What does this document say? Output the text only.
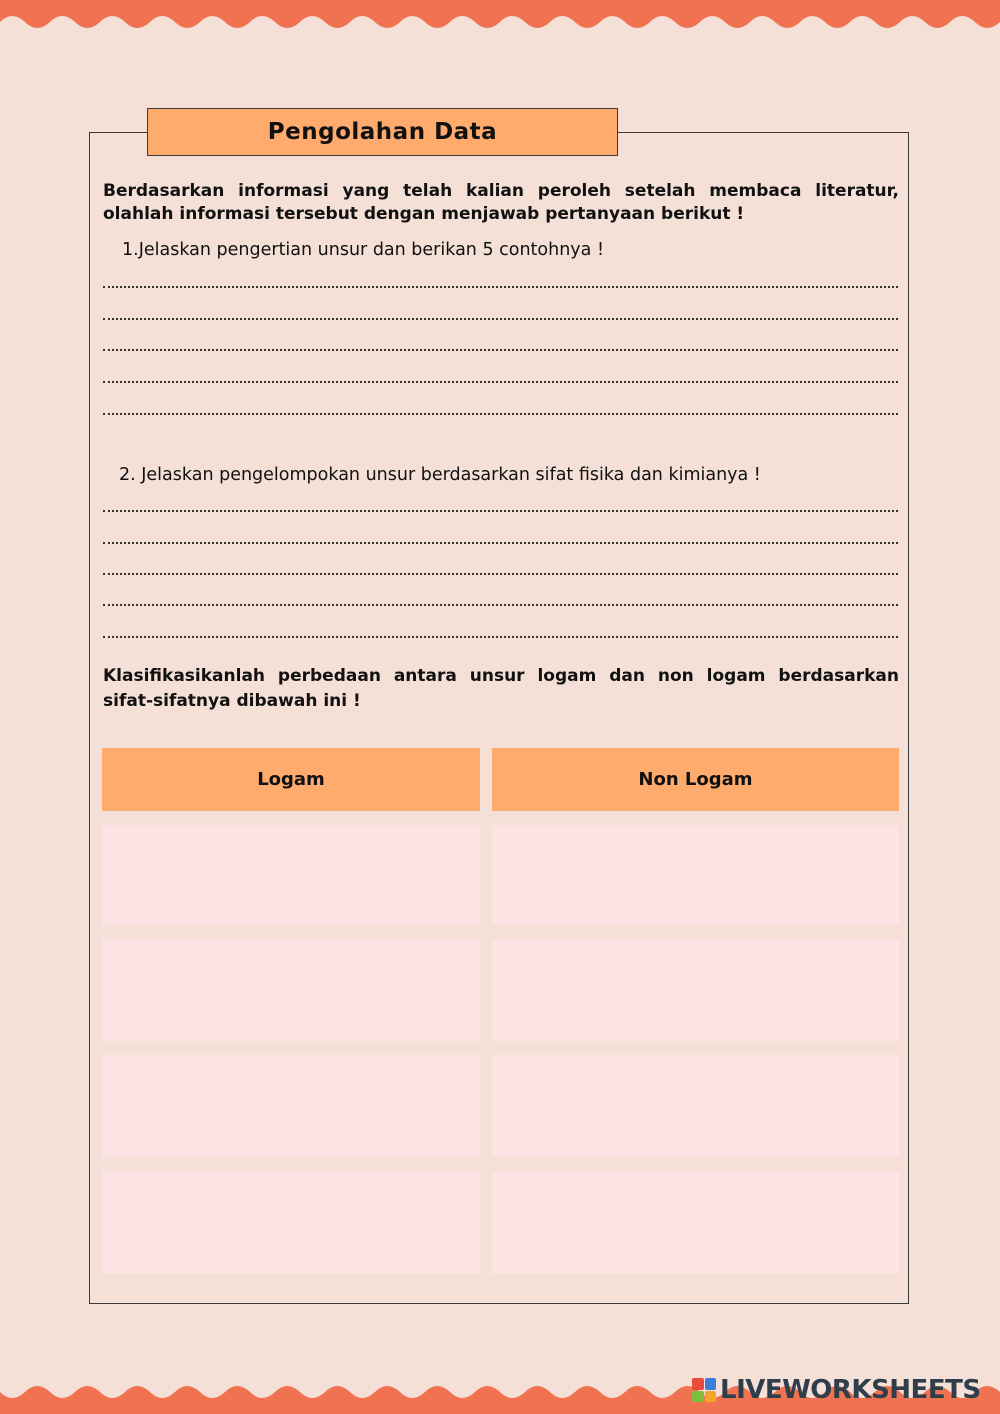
Pengolahan Data
Berdasarkan informasi yang telah kalian peroleh setelah membaca literatur, olahlah informasi tersebut dengan menjawab pertanyaan berikut !
1.Jelaskan pengertian unsur dan berikan 5 contohnya !
2. Jelaskan pengelompokan unsur berdasarkan sifat fisika dan kimianya !
Klasifikasikanlah perbedaan antara unsur logam dan non logam berdasarkan sifat-sifatnya dibawah ini !
Logam	Non Logam
LIVEWORKSHEETS
